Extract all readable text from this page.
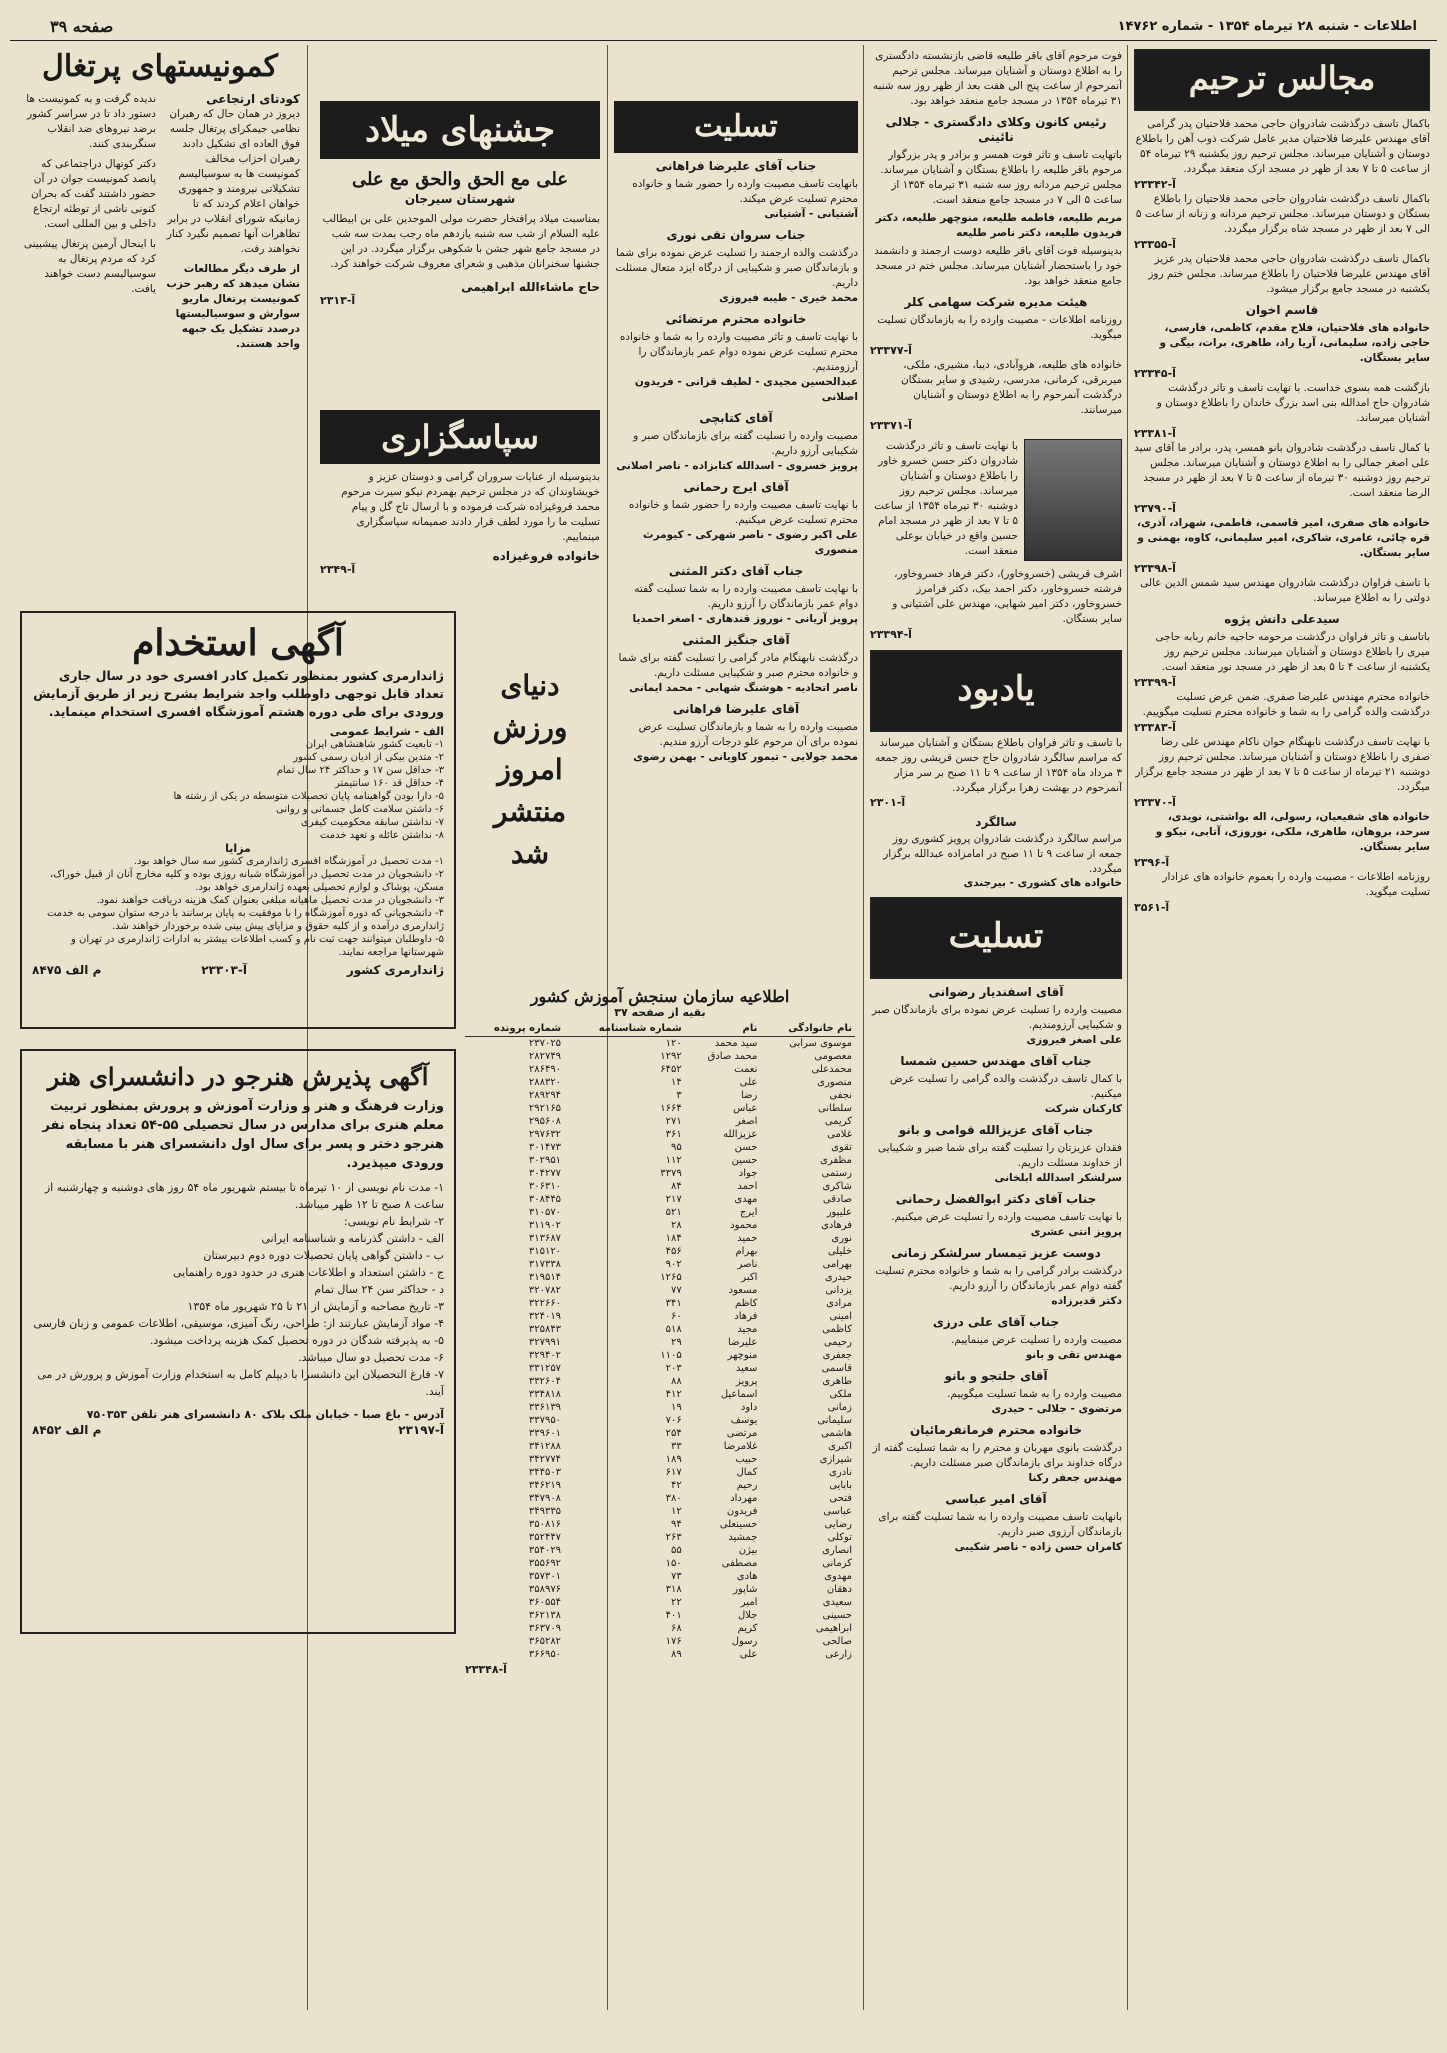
صفحه ۳۹	اطلاعات - شنبه ۲۸ تیرماه ۱۳۵۴ - شماره ۱۴۷۶۲
کمونیستهای پرتغال

ندیده گرفت و به کمونیست ها دستور داد تا در سراسر کشور برضد نیروهای ضد انقلاب سنگربندی کنند.

دکتر کونهال دراجتماعی که پانصد کمونیست جوان در آن حضور داشتند گفت که بحران کنونی ناشی از توطئه ارتجاع داخلی و بین المللی است.

با اینحال آرمین پرتغال پیشبینی کرد که مردم پرتغال به سوسیالیسم دست خواهند یافت.

کودتای ارتجاعی

دیروز در همان حال که رهبران نظامی جیمکرای پرتغال جلسه فوق العاده ای تشکیل دادند رهبران احزاب مخالف کمونیست ها به سوسیالیسم تشکیلاتی نیرومند و جمهوری خواهان اعلام کردند که تا زمانیکه شورای انقلاب در برابر تظاهرات آنها تصمیم نگیرد کنار نخواهند رفت.

از طرف دیگر مطالعات نشان میدهد که رهبر حزب کمونیست پرتغال ماریو سوارش و سوسیالیستها درصدد تشکیل یک جبهه واحد هستند.

جشنهای میلاد
علی مع الحق والحق مع علی
شهرستان سیرجان
بمناسبت میلاد پرافتخار حضرت مولی الموحدین علی بن ابیطالب علیه السلام از شب سه شنبه یازدهم ماه رجب بمدت سه شب در مسجد جامع شهر جشن با شکوهی برگزار میگردد. در این جشنها سخنرانان مذهبی و شعرای معروف شرکت خواهند کرد.
حاج ماشاءالله ابراهیمی
آ-۲۳۱۳
سپاسگزاری
بدینوسیله از عنایات سروران گرامی و دوستان عزیز و خویشاوندان که در مجلس ترحیم بهمردم نیکو سیرت مرحوم محمد فروغیزاده شرکت فرموده و با ارسال تاج گل و پیام تسلیت ما را مورد لطف قرار دادند صمیمانه سپاسگزاری مینماییم.
خانواده فروغیزاده
آ-۲۳۴۹
آگهی استخدام
ژاندارمری کشور بمنظور تکمیل کادر افسری خود در سال جاری تعداد قابل توجهی داوطلب واجد شرایط بشرح زیر از طریق آزمایش ورودی برای طی دوره هشتم آموزشگاه افسری استخدام مینماید.
الف - شرایط عمومی
۱- تابعیت کشور شاهنشاهی ایران
۲- متدین بیکی از ادیان رسمی کشور
۳- حداقل سن ۱۷ و حداکثر ۲۴ سال تمام
۴- حداقل قد ۱۶۰ سانتیمتر
۵- دارا بودن گواهینامه پایان تحصیلات متوسطه در یکی از رشته ها
۶- داشتن سلامت کامل جسمانی و روانی
۷- نداشتن سابقه محکومیت کیفری
۸- نداشتن عائله و تعهد خدمت
مزایا
۱- مدت تحصیل در آموزشگاه افسری ژاندارمری کشور سه سال خواهد بود.
۲- دانشجویان در مدت تحصیل در آموزشگاه شبانه روزی بوده و کلیه مخارج آنان از قبیل خوراک، مسکن، پوشاک و لوازم تحصیلی بعهده ژاندارمری خواهد بود.
۳- دانشجویان در مدت تحصیل ماهیانه مبلغی بعنوان کمک هزینه دریافت خواهند نمود.
۴- دانشجویانی که دوره آموزشگاه را با موفقیت به پایان برسانند با درجه ستوان سومی به خدمت ژاندارمری درآمده و از کلیه حقوق و مزایای پیش بینی شده برخوردار خواهند شد.
۵- داوطلبان میتوانند جهت ثبت نام و کسب اطلاعات بیشتر به ادارات ژاندارمری در تهران و شهرستانها مراجعه نمایند.
ژاندارمری کشور
آ-۲۳۳۰۳
م الف ۸۴۷۵
دنیای
ورزش
امروز
منتشر
شد
آگهی پذیرش هنرجو در دانشسرای هنر
وزارت فرهنگ و هنر و وزارت آموزش و پرورش بمنظور تربیت معلم هنری برای مدارس در سال تحصیلی ۵۵-۵۴ تعداد پنجاه نفر هنرجو دختر و پسر برای سال اول دانشسرای هنر با مسابقه ورودی میپذیرد.
۱- مدت نام نویسی از ۱۰ تیرماه تا بیستم شهریور ماه ۵۴ روز های دوشنبه و چهارشنبه از ساعت ۸ صبح تا ۱۲ ظهر میباشد.
۲- شرایط نام نویسی:
الف - داشتن گذرنامه و شناسنامه ایرانی
ب - داشتن گواهی پایان تحصیلات دوره دوم دبیرستان
ج - داشتن استعداد و اطلاعات هنری در حدود دوره راهنمایی
د - حداکثر سن ۲۴ سال تمام
۳- تاریخ مصاحبه و آزمایش از ۲۱ تا ۲۵ شهریور ماه ۱۳۵۴
۴- مواد آزمایش عبارتند از: طراحی، رنگ آمیزی، موسیقی، اطلاعات عمومی و زبان فارسی
۵- به پذیرفته شدگان در دوره تحصیل کمک هزینه پرداخت میشود.
۶- مدت تحصیل دو سال میباشد.
۷- فارغ التحصیلان این دانشسرا با دیپلم کامل به استخدام وزارت آموزش و پرورش در می آیند.
آدرس - باغ صبا - خیابان ملک بلاک ۸۰ دانشسرای هنر تلفن ۷۵۰۳۵۳
آ-۲۳۱۹۷
م الف ۸۴۵۲
تسلیت
جناب آقای علیرضا فراهانی
بانهایت تاسف مصیبت وارده را حضور شما و خانواده محترم تسلیت عرض میکند.
آشتیانی - آشتیانی
جناب سروان تقی نوری
درگذشت والده ارجمند را تسلیت عرض نموده برای شما و بازماندگان صبر و شکیبایی از درگاه ایزد متعال مسئلت داریم.
محمد خیری - طیبه فیروزی
خانواده محترم مرتضائی
با نهایت تاسف و تاثر مصیبت وارده را به شما و خانواده محترم تسلیت عرض نموده دوام عمر بازماندگان را آرزومندیم.
عبدالحسین مجیدی - لطیف قزانی - فریدون اصلانی
آقای کتابچی
مصیبت وارده را تسلیت گفته برای بازماندگان صبر و شکیبایی آرزو داریم.
پرویز خسروی - اسدالله کتابزاده - ناصر اصلانی
آقای ایرج رحمانی
با نهایت تاسف مصیبت وارده را حضور شما و خانواده محترم تسلیت عرض میکنیم.
علی اکبر رضوی - ناصر شهرکی - کیومرث منصوری
جناب آقای دکتر المثنی
با نهایت تاسف مصیبت وارده را به شما تسلیت گفته دوام عمر بازماندگان را آرزو داریم.
پرویز آریانی - نوروز قندهاری - اصغر احمدیا
آقای جنگیز المثنی
درگذشت نابهنگام مادر گرامی را تسلیت گفته برای شما و خانواده محترم صبر و شکیبایی مسئلت داریم.
ناصر اتحادیه - هوشنگ شهابی - محمد ایمانی
آقای علیرضا فراهانی
مصیبت وارده را به شما و بازماندگان تسلیت عرض نموده برای آن مرحوم علو درجات آرزو مندیم.
محمد جولایی - تیمور کاویانی - بهمن رضوی
اطلاعیه سازمان سنجش آموزش کشور
بقیه از صفحه ۳۷
نام خانوادگی	نام	شماره شناسنامه	شماره پرونده
موسوی سرابی	سید محمد	۱۲۰	۲۳۷۰۲۵
معصومی	محمد صادق	۱۲۹۲	۲۸۲۷۴۹
محمدعلی	نعمت	۶۴۵۲	۲۸۶۴۹۰
منصوری	علی	۱۴	۲۸۸۳۲۰
نجفی	رضا	۳	۲۸۹۲۹۴
سلطانی	عباس	۱۶۶۴	۲۹۲۱۶۵
کریمی	اصغر	۲۷۱	۲۹۵۶۰۸
غلامی	عزیزالله	۳۶۱	۲۹۷۶۳۲
تقوی	حسن	۹۵	۳۰۱۴۷۳
مظفری	حسین	۱۱۲	۳۰۲۹۵۱
رستمی	جواد	۳۳۷۹	۳۰۴۲۷۷
شاکری	احمد	۸۴	۳۰۶۳۱۰
صادقی	مهدی	۲۱۷	۳۰۸۴۴۵
علیپور	ایرج	۵۲۱	۳۱۰۵۷۰
فرهادی	محمود	۲۸	۳۱۱۹۰۲
نوری	حمید	۱۸۴	۳۱۳۶۸۷
خلیلی	بهرام	۴۵۶	۳۱۵۱۲۰
بهرامی	ناصر	۹۰۲	۳۱۷۳۳۸
حیدری	اکبر	۱۲۶۵	۳۱۹۵۱۴
یزدانی	مسعود	۷۷	۳۲۰۷۸۲
مرادی	کاظم	۳۴۱	۳۲۲۶۶۰
امینی	فرهاد	۶۰	۳۲۴۰۱۹
کاظمی	مجید	۵۱۸	۳۲۵۸۴۳
رحیمی	علیرضا	۲۹	۳۲۷۹۹۱
جعفری	منوچهر	۱۱۰۵	۳۲۹۴۰۲
قاسمی	سعید	۲۰۳	۳۳۱۲۵۷
طاهری	پرویز	۸۸	۳۳۲۶۰۴
ملکی	اسماعیل	۴۱۲	۳۳۴۸۱۸
زمانی	داود	۱۹	۳۳۶۱۳۹
سلیمانی	یوسف	۷۰۶	۳۳۷۹۵۰
هاشمی	مرتضی	۲۵۴	۳۳۹۶۰۱
اکبری	غلامرضا	۳۳	۳۴۱۲۸۸
شیرازی	حبیب	۱۸۹	۳۴۲۷۷۴
نادری	کمال	۶۱۷	۳۴۴۵۰۳
بابایی	رحیم	۴۲	۳۴۶۲۱۹
فتحی	مهرداد	۳۸۰	۳۴۷۹۰۸
عباسی	فریدون	۱۲	۳۴۹۳۳۵
رضایی	حسینعلی	۹۴	۳۵۰۸۱۶
توکلی	جمشید	۲۶۳	۳۵۲۴۴۷
انصاری	بیژن	۵۵	۳۵۴۰۲۹
کرمانی	مصطفی	۱۵۰	۳۵۵۶۹۲
مهدوی	هادی	۷۳	۳۵۷۳۰۱
دهقان	شاپور	۳۱۸	۳۵۸۹۷۶
سعیدی	امیر	۲۲	۳۶۰۵۵۴
حسینی	جلال	۴۰۱	۳۶۲۱۳۸
ابراهیمی	کریم	۶۸	۳۶۳۷۰۹
صالحی	رسول	۱۷۶	۳۶۵۲۸۲
زارعی	علی	۸۹	۳۶۶۹۵۰
آ-۲۳۳۴۸
فوت مرحوم آقای باقر طلیعه قاضی بازنشسته دادگستری را به اطلاع دوستان و آشنایان میرساند. مجلس ترحیم آنمرحوم از ساعت پنج الی هفت بعد از ظهر روز سه شنبه ۳۱ تیرماه ۱۳۵۴ در مسجد جامع منعقد خواهد بود.
رئیس کانون وکلای دادگستری - جلالی نائینی
باتهایت تاسف و تاثر فوت همسر و برادر و پدر بزرگوار مرحوم باقر طلیعه را باطلاع بستگان و آشنایان میرساند. مجلس ترحیم مردانه روز سه شنبه ۳۱ تیرماه ۱۳۵۴ از ساعت ۵ الی ۷ در مسجد جامع منعقد است.
مریم طلیعه، فاطمه طلیعه، منوچهر طلیعه، دکتر فریدون طلیعه، دکتر ناصر طلیعه
بدینوسیله فوت آقای باقر طلیعه دوست ارجمند و دانشمند خود را باستحضار آشنایان میرساند. مجلس ختم در مسجد جامع منعقد خواهد بود.
هیئت مدیره شرکت سهامی کلر
روزنامه اطلاعات - مصیبت وارده را به بازماندگان تسلیت میگوید.
آ-۲۳۳۷۷
خانواده های طلیعه، هروآبادی، دیبا، مشیری، ملکی، میربرقی، کرمانی، مدرسی، رشیدی و سایر بستگان درگذشت آنمرحوم را به اطلاع دوستان و آشنایان میرسانند.
آ-۲۳۳۷۱
با نهایت تاسف و تاثر درگذشت شادروان دکتر حسن خسرو خاور را باطلاع دوستان و آشنایان میرساند. مجلس ترحیم روز دوشنبه ۳۰ تیرماه ۱۳۵۴ از ساعت ۵ تا ۷ بعد از ظهر در مسجد امام حسین واقع در خیابان بوعلی منعقد است.
اشرف قریشی (خسروخاور)، دکتر فرهاد خسروخاور، فرشته خسروخاور، دکتر احمد بیک، دکتر فرامرز خسروخاور، دکتر امیر شهابی، مهندس علی آشتیانی و سایر بستگان.
آ-۲۳۳۹۴
یادبود
با تاسف و تاثر فراوان باطلاع بستگان و آشنایان میرساند که مراسم سالگرد شادروان حاج حسن قریشی روز جمعه ۳ مرداد ماه ۱۳۵۴ از ساعت ۹ تا ۱۱ صبح بر سر مزار آنمرحوم در بهشت زهرا برگزار میگردد.
آ-۲۳۰۱
سالگرد
مراسم سالگرد درگذشت شادروان پرویز کشوری روز جمعه از ساعت ۹ تا ۱۱ صبح در امامزاده عبدالله برگزار میگردد.
خانواده های کشوری - بیرجندی
تسلیت
آقای اسفندیار رضوانی
مصیبت وارده را تسلیت عرض نموده برای بازماندگان صبر و شکیبایی آرزومندیم.
علی اصغر فیروزی
جناب آقای مهندس حسین شمسا
با کمال تاسف درگذشت والده گرامی را تسلیت عرض میکنیم.
کارکنان شرکت
جناب آقای عزیزالله قوامی و بانو
فقدان عزیزتان را تسلیت گفته برای شما صبر و شکیبایی از خداوند مسئلت داریم.
سرلشکر اسدالله ابلخانی
جناب آقای دکتر ابوالفضل رحمانی
با نهایت تاسف مصیبت وارده را تسلیت عرض میکنیم.
پرویز انتی عشری
دوست عزیز تیمسار سرلشکر زمانی
درگذشت برادر گرامی را به شما و خانواده محترم تسلیت گفته دوام عمر بازماندگان را آرزو داریم.
دکتر قدیرزاده
جناب آقای علی درزی
مصیبت وارده را تسلیت عرض مینماییم.
مهندس تقی و بانو
آقای جلتجو و بانو
مصیبت وارده را به شما تسلیت میگوییم.
مرتضوی - جلالی - حیدری
خانواده محترم فرمانفرمائیان
درگذشت بانوی مهربان و محترم را به شما تسلیت گفته از درگاه خداوند برای بازماندگان صبر مسئلت داریم.
مهندس جعفر رکنا
آقای امیر عباسی
بانهایت تاسف مصیبت وارده را به شما تسلیت گفته برای بازماندگان آرزوی صبر داریم.
کامران حسن زاده - ناصر شکیبی
مجالس ترحیم
باکمال تاسف درگذشت شادروان حاجی محمد فلاحتیان پدر گرامی آقای مهندس علیرضا فلاحتیان مدیر عامل شرکت ذوب آهن را باطلاع دوستان و آشنایان میرساند. مجلس ترحیم روز یکشنبه ۲۹ تیرماه ۵۴ از ساعت ۵ تا ۷ بعد از ظهر در مسجد ارک منعقد میگردد.
آ-۲۳۳۴۲
باکمال تاسف درگذشت شادروان حاجی محمد فلاحتیان را باطلاع بستگان و دوستان میرساند. مجلس ترحیم مردانه و زنانه از ساعت ۵ الی ۷ بعد از ظهر در مسجد شاه برگزار میگردد.
آ-۲۳۳۵۵
باکمال تاسف درگذشت شادروان حاجی محمد فلاحتیان پدر عزیز آقای مهندس علیرضا فلاحتیان را باطلاع میرساند. مجلس ختم روز یکشنبه در مسجد جامع برگزار میشود.
قاسم اخوان
خانواده های فلاحتیان، فلاح مقدم، کاظمی، فارسی، حاجی زاده، سلیمانی، آریا راد، طاهری، برات، بیگی و سایر بستگان.
آ-۲۳۳۴۵
بازگشت همه بسوی خداست. با نهایت تاسف و تاثر درگذشت شادروان حاج امدالله بنی اسد بزرگ خاندان را باطلاع دوستان و آشنایان میرساند.
آ-۲۳۳۸۱
با کمال تاسف درگذشت شادروان بانو همسر، پدر، برادر ما آقای سید علی اصغر جمالی را به اطلاع دوستان و آشنایان میرساند. مجلس ترحیم روز دوشنبه ۳۰ تیرماه از ساعت ۵ تا ۷ بعد از ظهر در مسجد الرضا منعقد است.
آ-۲۳۷۹۰
خانواده های صفری، امیر قاسمی، فاطمی، شهراد، آذری، قره چائی، عامری، شاکری، امیر سلیمانی، کاوه، بهمنی و سایر بستگان.
آ-۲۳۳۹۸
با تاسف فراوان درگذشت شادروان مهندس سید شمس الدین عالی دولتی را به اطلاع میرساند.
سیدعلی دانش پژوه
باتاسف و تاثر فراوان درگذشت مرحومه حاجیه خانم ربابه حاجی میری را باطلاع دوستان و آشنایان میرساند. مجلس ترحیم روز یکشنبه از ساعت ۴ تا ۵ بعد از ظهر در مسجد نور منعقد است.
آ-۲۳۳۹۹
خانواده محترم مهندس علیرضا صفری. ضمن عرض تسلیت درگذشت والده گرامی را به شما و خانواده محترم تسلیت میگوییم.
آ-۲۳۳۸۳
با نهایت تاسف درگذشت نابهنگام جوان ناکام مهندس علی رضا صفری را باطلاع دوستان و آشنایان میرساند. مجلس ترحیم روز دوشنبه ۲۱ تیرماه از ساعت ۵ تا ۷ بعد از ظهر در مسجد جامع برگزار میگردد.
آ-۲۳۳۷۰
خانواده های شفیعیان، رسولی، اله بواشتی، نویدی، سرحد، بروهان، طاهری، ملکی، نوروزی، آتابی، نیکو و سایر بستگان.
آ-۲۳۹۶
روزنامه اطلاعات - مصیبت وارده را بعموم خانواده های عزادار تسلیت میگوید.
آ-۳۵۶۱
